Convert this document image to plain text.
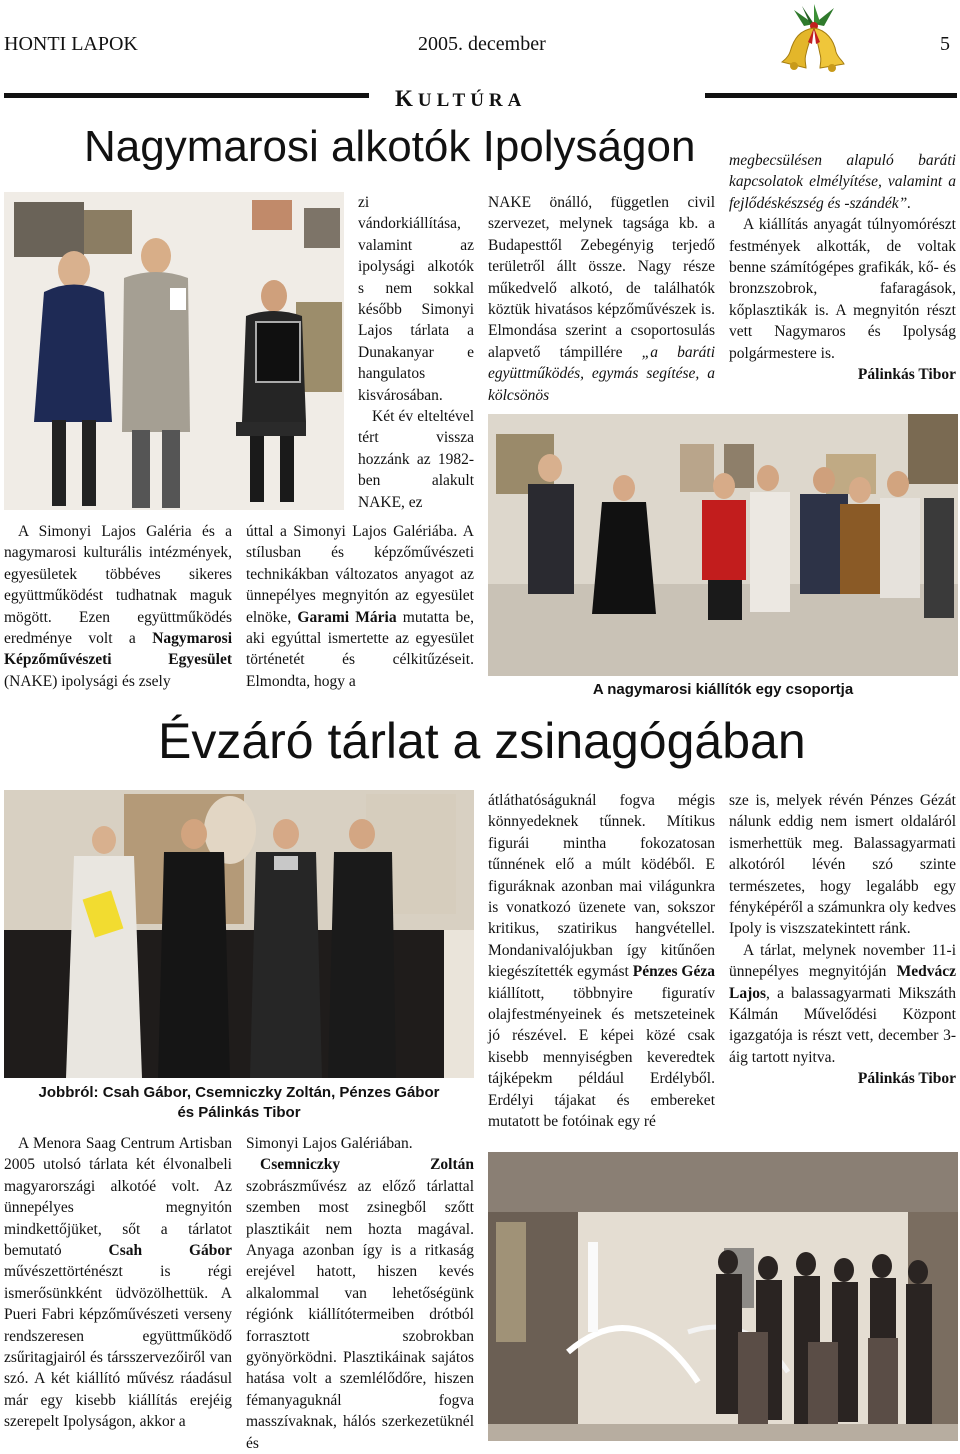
HONTI LAPOK	2005. december	5
KULTÚRA
Nagymarosi alkotók Ipolyságon

A Simonyi Lajos Galéria és a nagymarosi kulturális intézmények, egyesületek többéves sikeres együttműködést tudhatnak maguk mögött. Ezen együttműködés eredménye volt a Nagymarosi Képzőművészeti Egyesület (NAKE) ipolysági és zsely

zi vándorkiállítása, valamint az ipolysági alkotók s nem sokkal később Simonyi Lajos tárlata a Dunakanyar e hangulatos kisvárosában.

Két év elteltével tért vissza hozzánk az 1982-ben alakult NAKE, ez

úttal a Simonyi Lajos Galériába. A stílusban és képzőművészeti technikákban változatos anyagot az ünnepélyes megnyitón az egyesület elnöke, Garami Mária mutatta be, aki egyúttal ismertette az egyesület történetét és célkitűzéseit. Elmondta, hogy a

NAKE önálló, független civil szervezet, melynek tagsága kb. a Budapesttől Zebegényig terjedő területről állt össze. Nagy része műkedvelő alkotó, de találhatók köztük hivatásos képzőművészek is. Elmondása szerint a csoportosulás alapvető támpillére „a baráti együttműködés, egymás segítése, a kölcsönös

megbecsülésen alapuló baráti kapcsolatok elmélyítése, valamint a fejlődéskészség és -szándék”.

A kiállítás anyagát túlnyomórészt festmények alkották, de voltak benne számítógépes grafikák, kő- és bronzszobrok, fafaragások, kőplasztikák is. A megnyitón részt vett Nagymaros és Ipolyság polgármestere is.

Pálinkás Tibor

A nagymarosi kiállítók egy csoportja
Évzáró tárlat a zsinagógában
Jobbról: Csah Gábor, Csemniczky Zoltán, Pénzes Gábor
és Pálinkás Tibor

A Menora Saag Centrum Artisban 2005 utolsó tárlata két élvonalbeli magyarországi alkotóé volt. Az ünnepélyes megnyitón mindkettőjüket, sőt a tárlatot bemutató Csah Gábor művészettörténészt is régi ismerősünkként üdvözölhettük. A Pueri Fabri képzőművészeti verseny rendszeresen együttműködő zsűritagjairól és társszervezőiről van szó. A két kiállító művész ráadásul már egy kisebb kiállítás erejéig szerepelt Ipolyságon, akkor a

Simonyi Lajos Galériában.

Csemniczky Zoltán szobrászművész az előző tárlattal szemben most zsinegből szőtt plasztikáit nem hozta magával. Anyaga azonban így is a ritkaság erejével hatott, hiszen kevés alkalommal van lehetőségünk régiónk kiállítótermeiben drótból forrasztott szobrokban gyönyörködni. Plasztikáinak sajátos hatása volt a szemlélődőre, hiszen fémanyaguknál fogva masszívaknak, hálós szerkezetüknél és

átláthatóságuknál fogva mégis könnyedeknek tűnnek. Mítikus figurái mintha fokozatosan tűnnének elő a múlt ködéből. E figuráknak azonban mai világunkra is vonatkozó üzenete van, sokszor kritikus, szatirikus hangvétellel. Mondanivalójukban így kitűnően kiegészítették egymást Pénzes Géza kiállított, többnyire figuratív olajfestményeinek és metszeteinek jó részével. E képei közé csak kisebb mennyiségben keveredtek tájképekm például Erdélyből. Erdélyi tájakat és embereket mutatott be fotóinak egy ré

sze is, melyek révén Pénzes Gézát nálunk eddig nem ismert oldaláról ismerhettük meg. Balassagyarmati alkotóról lévén szó szinte természetes, hogy legalább egy fényképéről a számunkra oly kedves Ipoly is viszszatekintett ránk.

A tárlat, melynek november 11-i ünnepélyes megnyitóján Medvácz Lajos, a balassagyarmati Mikszáth Kálmán Művelődési Központ igazgatója is részt vett, december 3-áig tartott nyitva.

Pálinkás Tibor
